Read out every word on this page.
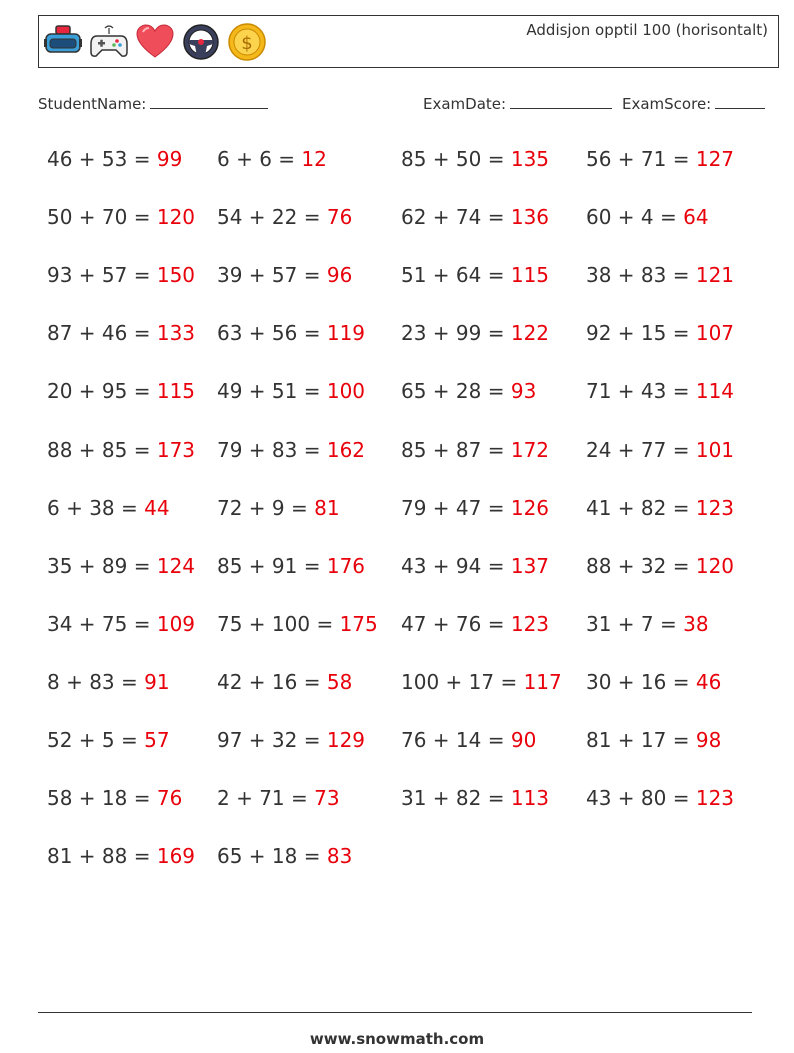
$
Addisjon opptil 100 (horisontalt)
StudentName:	ExamDate:	ExamScore:
46 + 53 = 99 6 + 6 = 12	85 + 50 = 135 56 + 71 = 127
50 + 70 = 120 54 + 22 = 76 62 + 74 = 136 60 + 4 = 64
93 + 57 = 150 39 + 57 = 96 51 + 64 = 115 38 + 83 = 121
87 + 46 = 133 63 + 56 = 119 23 + 99 = 122 92 + 15 = 107
20 + 95 = 115 49 + 51 = 100 65 + 28 = 93 71 + 43 = 114
88 + 85 = 173 79 + 83 = 162 85 + 87 = 172 24 + 77 = 101
6 + 38 = 44 72 + 9 = 81	79 + 47 = 126 41 + 82 = 123
35 + 89 = 124 85 + 91 = 176 43 + 94 = 137 88 + 32 = 120
34 + 75 = 109 75 + 100 = 175 47 + 76 = 123 31 + 7 = 38
8 + 83 = 91 42 + 16 = 58 100 + 17 = 117 30 + 16 = 46
52 + 5 = 57 97 + 32 = 129 76 + 14 = 90 81 + 17 = 98
58 + 18 = 76 2 + 71 = 73	31 + 82 = 113 43 + 80 = 123
81 + 88 = 169 65 + 18 = 83
www.snowmath.com
